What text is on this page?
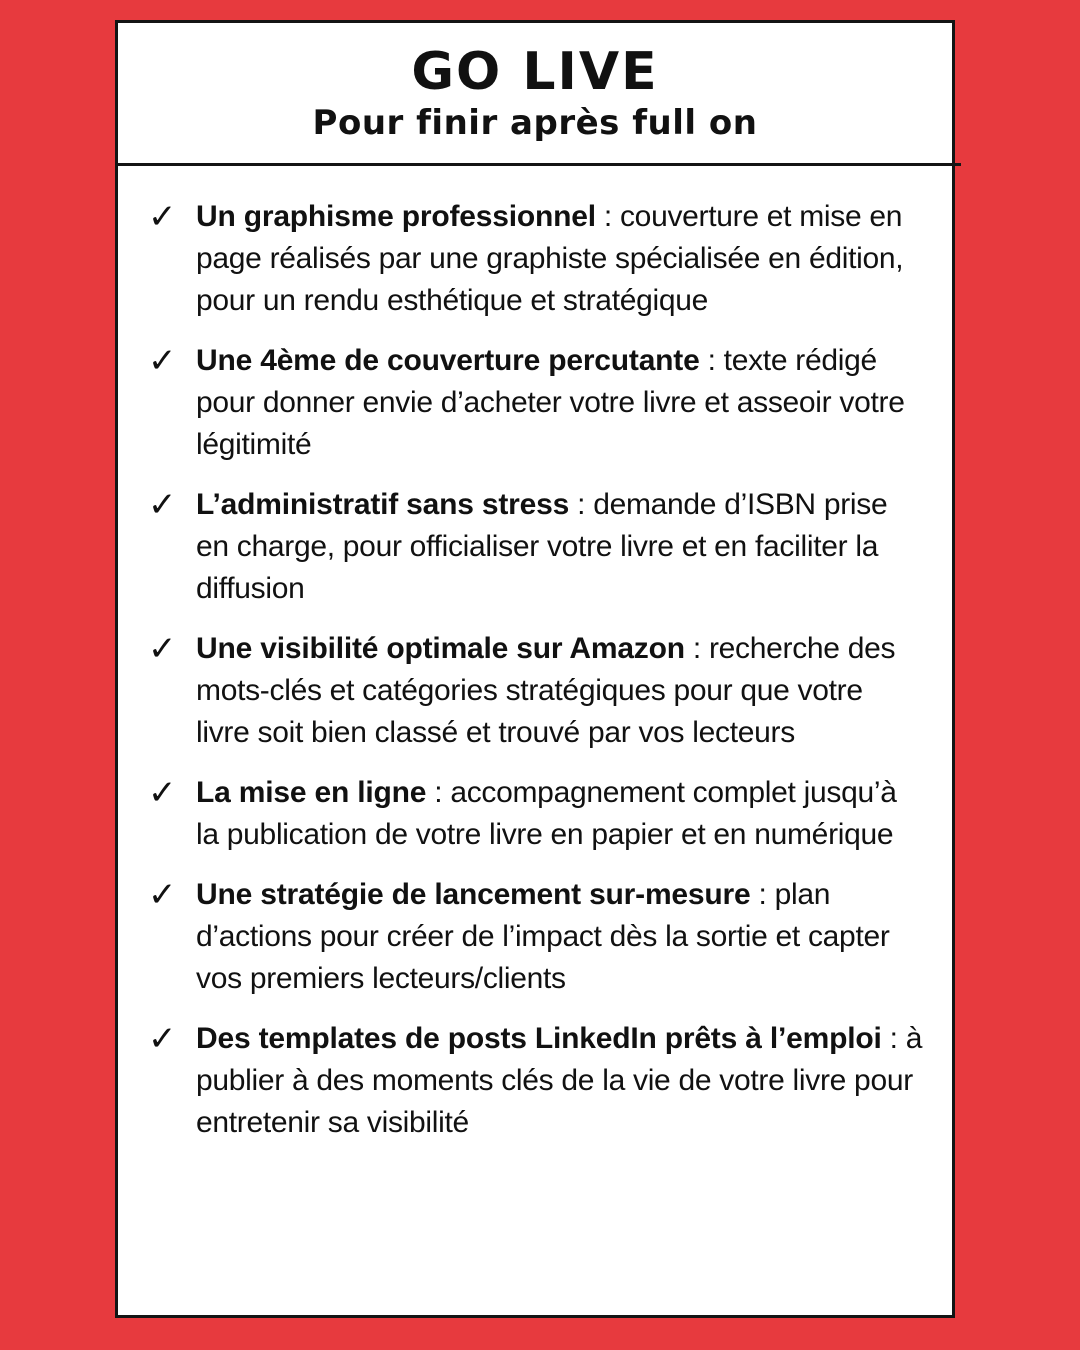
GO LIVE
Pour finir après full on
✓ Un graphisme professionnel : couverture et mise en page réalisés par une graphiste spécialisée en édition, pour un rendu esthétique et stratégique

✓ Une 4ème de couverture percutante : texte rédigé pour donner envie d’acheter votre livre et asseoir votre légitimité

✓ L’administratif sans stress : demande d’ISBN prise en charge, pour officialiser votre livre et en faciliter la diffusion

✓ Une visibilité optimale sur Amazon : recherche des mots-clés et catégories stratégiques pour que votre livre soit bien classé et trouvé par vos lecteurs

✓ La mise en ligne : accompagnement complet jusqu’à la publication de votre livre en papier et en numérique

✓ Une stratégie de lancement sur-mesure : plan d’actions pour créer de l’impact dès la sortie et capter vos premiers lecteurs/clients

✓ Des templates de posts LinkedIn prêts à l’emploi : à publier à des moments clés de la vie de votre livre pour entretenir sa visibilité
